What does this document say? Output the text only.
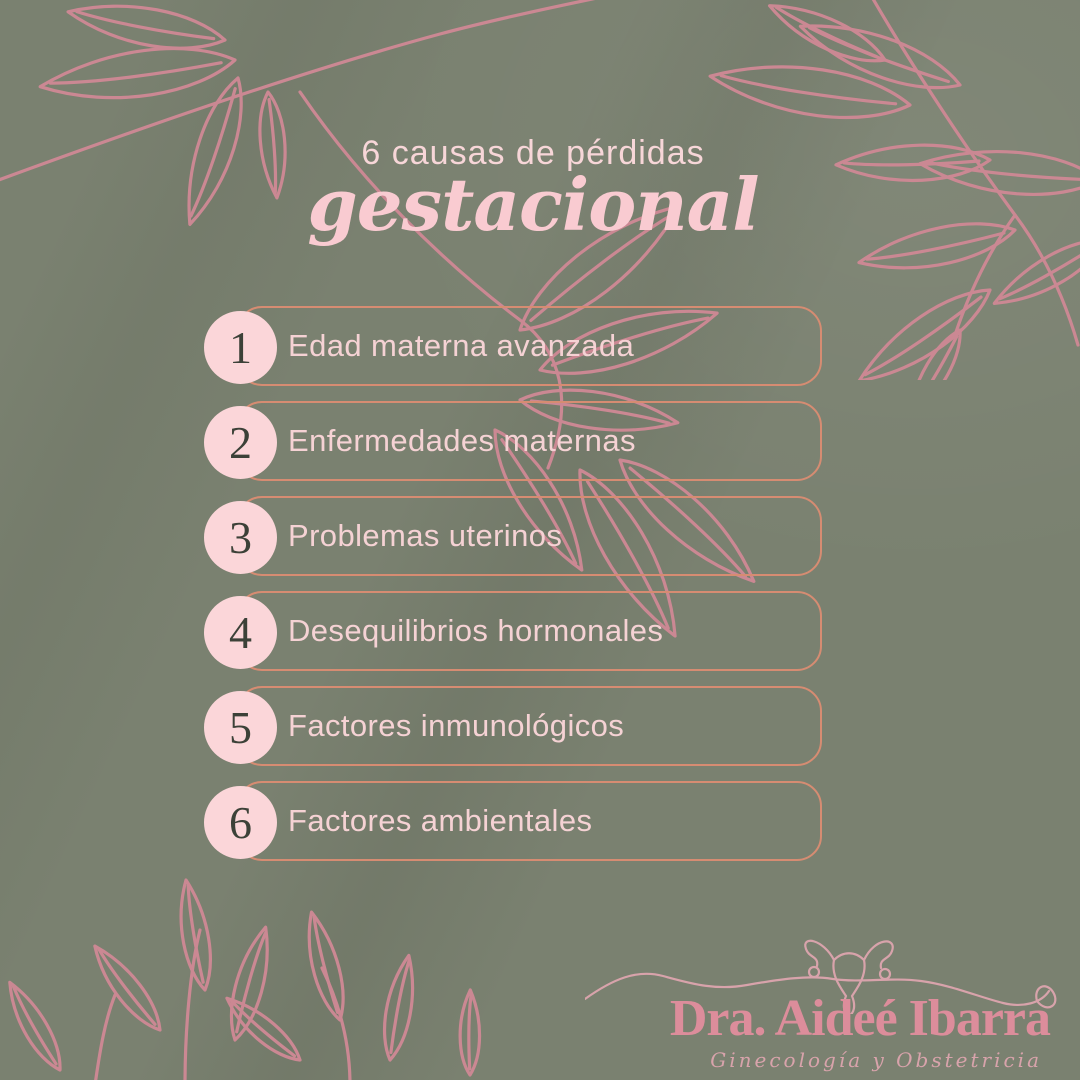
6 causas de pérdidas
gestacional
1	Edad materna avanzada
2	Enfermedades maternas
3	Problemas uterinos
4	Desequilibrios hormonales
5	Factores inmunológicos
6	Factores ambientales
Dra. Aideé Ibarra
Ginecología y Obstetricia
